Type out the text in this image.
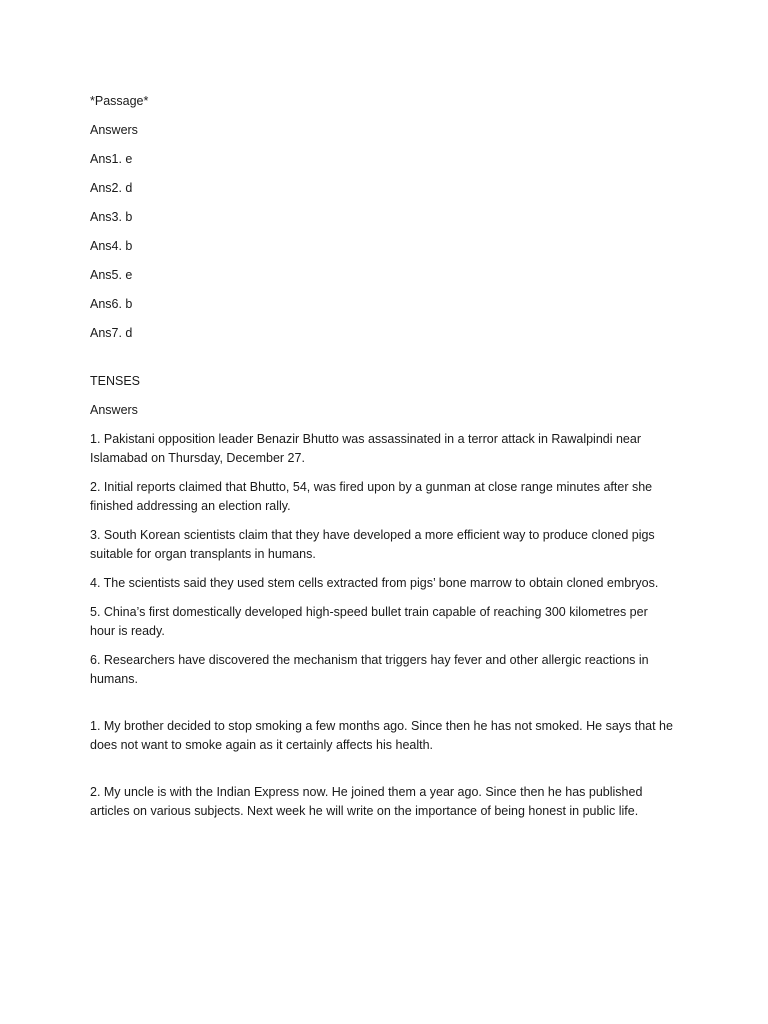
*Passage*
Answers
Ans1. e
Ans2. d
Ans3. b
Ans4. b
Ans5. e
Ans6. b
Ans7. d
TENSES
Answers
1. Pakistani opposition leader Benazir Bhutto was assassinated in a terror attack in Rawalpindi near Islamabad on Thursday, December 27.
2. Initial reports claimed that Bhutto, 54, was fired upon by a gunman at close range minutes after she finished addressing an election rally.
3. South Korean scientists claim that they have developed a more efficient way to produce cloned pigs suitable for organ transplants in humans.
4. The scientists said they used stem cells extracted from pigs’ bone marrow to obtain cloned embryos.
5. China’s first domestically developed high-speed bullet train capable of reaching 300 kilometres per hour is ready.
6. Researchers have discovered the mechanism that triggers hay fever and other allergic reactions in humans.
1. My brother decided to stop smoking a few months ago. Since then he has not smoked. He says that he does not want to smoke again as it certainly affects his health.
2. My uncle is with the Indian Express now. He joined them a year ago. Since then he has published articles on various subjects. Next week he will write on the importance of being honest in public life.
